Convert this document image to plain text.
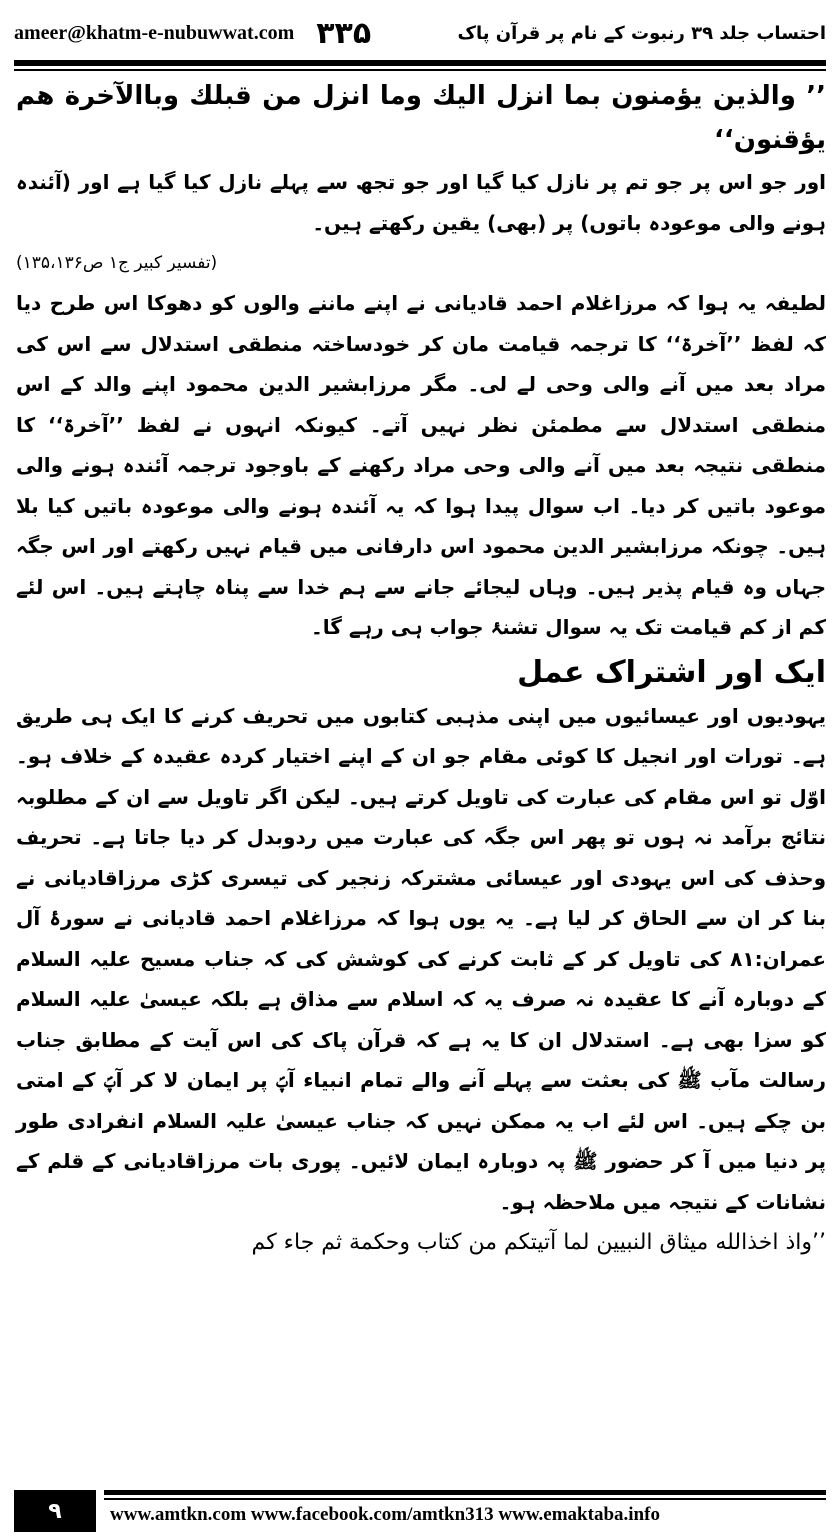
ameer@khatm-e-nubuwwat.com ۳۳۵	احتساب جلد ۳۹ رنبوت کے نام پر قرآن پاک
’’ والذین یؤمنون بما انزل الیك وما انزل من قبلك وباالآخرة هم یؤقنون‘‘
اور جو اس پر جو تم پر نازل کیا گیا اور جو تجھ سے پہلے نازل کیا گیا ہے اور (آئندہ ہونے والی موعودہ باتوں) پر (بھی) یقین رکھتے ہیں۔
(تفسیر کبیر ج۱ ص۱۳۵،۱۳۶)
لطیفہ یہ ہوا کہ مرزاغلام احمد قادیانی نے اپنے ماننے والوں کو دھوکا اس طرح دیا کہ لفظ ’’آخرۃ‘‘ کا ترجمہ قیامت مان کر خودساختہ منطقی استدلال سے اس کی مراد بعد میں آنے والی وحی لے لی۔ مگر مرزابشیر الدین محمود اپنے والد کے اس منطقی استدلال سے مطمئن نظر نہیں آتے۔ کیونکہ انہوں نے لفظ ’’آخرۃ‘‘ کا منطقی نتیجہ بعد میں آنے والی وحی مراد رکھنے کے باوجود ترجمہ آئندہ ہونے والی موعود باتیں کر دیا۔ اب سوال پیدا ہوا کہ یہ آئندہ ہونے والی موعودہ باتیں کیا بلا ہیں۔ چونکہ مرزابشیر الدین محمود اس دارفانی میں قیام نہیں رکھتے اور اس جگہ جہاں وہ قیام پذیر ہیں۔ وہاں لیجائے جانے سے ہم خدا سے پناہ چاہتے ہیں۔ اس لئے کم از کم قیامت تک یہ سوال تشنۂ جواب ہی رہے گا۔
ایک اور اشتراک عمل
یہودیوں اور عیسائیوں میں اپنی مذہبی کتابوں میں تحریف کرنے کا ایک ہی طریق ہے۔ تورات اور انجیل کا کوئی مقام جو ان کے اپنے اختیار کردہ عقیدہ کے خلاف ہو۔ اوّل تو اس مقام کی عبارت کی تاویل کرتے ہیں۔ لیکن اگر تاویل سے ان کے مطلوبہ نتائج برآمد نہ ہوں تو پھر اس جگہ کی عبارت میں ردوبدل کر دیا جاتا ہے۔ تحریف وحذف کی اس یہودی اور عیسائی مشترکہ زنجیر کی تیسری کڑی مرزاقادیانی نے بنا کر ان سے الحاق کر لیا ہے۔ یہ یوں ہوا کہ مرزاغلام احمد قادیانی نے سورۂ آل عمران:۸۱ کی تاویل کر کے ثابت کرنے کی کوشش کی کہ جناب مسیح علیہ السلام کے دوبارہ آنے کا عقیدہ نہ صرف یہ کہ اسلام سے مذاق ہے بلکہ عیسیٰ علیہ السلام کو سزا بھی ہے۔ استدلال ان کا یہ ہے کہ قرآن پاک کی اس آیت کے مطابق جناب رسالت مآب ﷺ کی بعثت سے پہلے آنے والے تمام انبیاء آپؐ پر ایمان لا کر آپؐ کے امتی بن چکے ہیں۔ اس لئے اب یہ ممکن نہیں کہ جناب عیسیٰ علیہ السلام انفرادی طور پر دنیا میں آ کر حضور ﷺ پہ دوبارہ ایمان لائیں۔ پوری بات مرزاقادیانی کے قلم کے نشانات کے نتیجہ میں ملاحظہ ہو۔
’’واذ اخذالله میثاق النبیین لما آتیتکم من کتاب وحکمة ثم جاء کم
۹	www.amtkn.com www.facebook.com/amtkn313 www.emaktaba.info
